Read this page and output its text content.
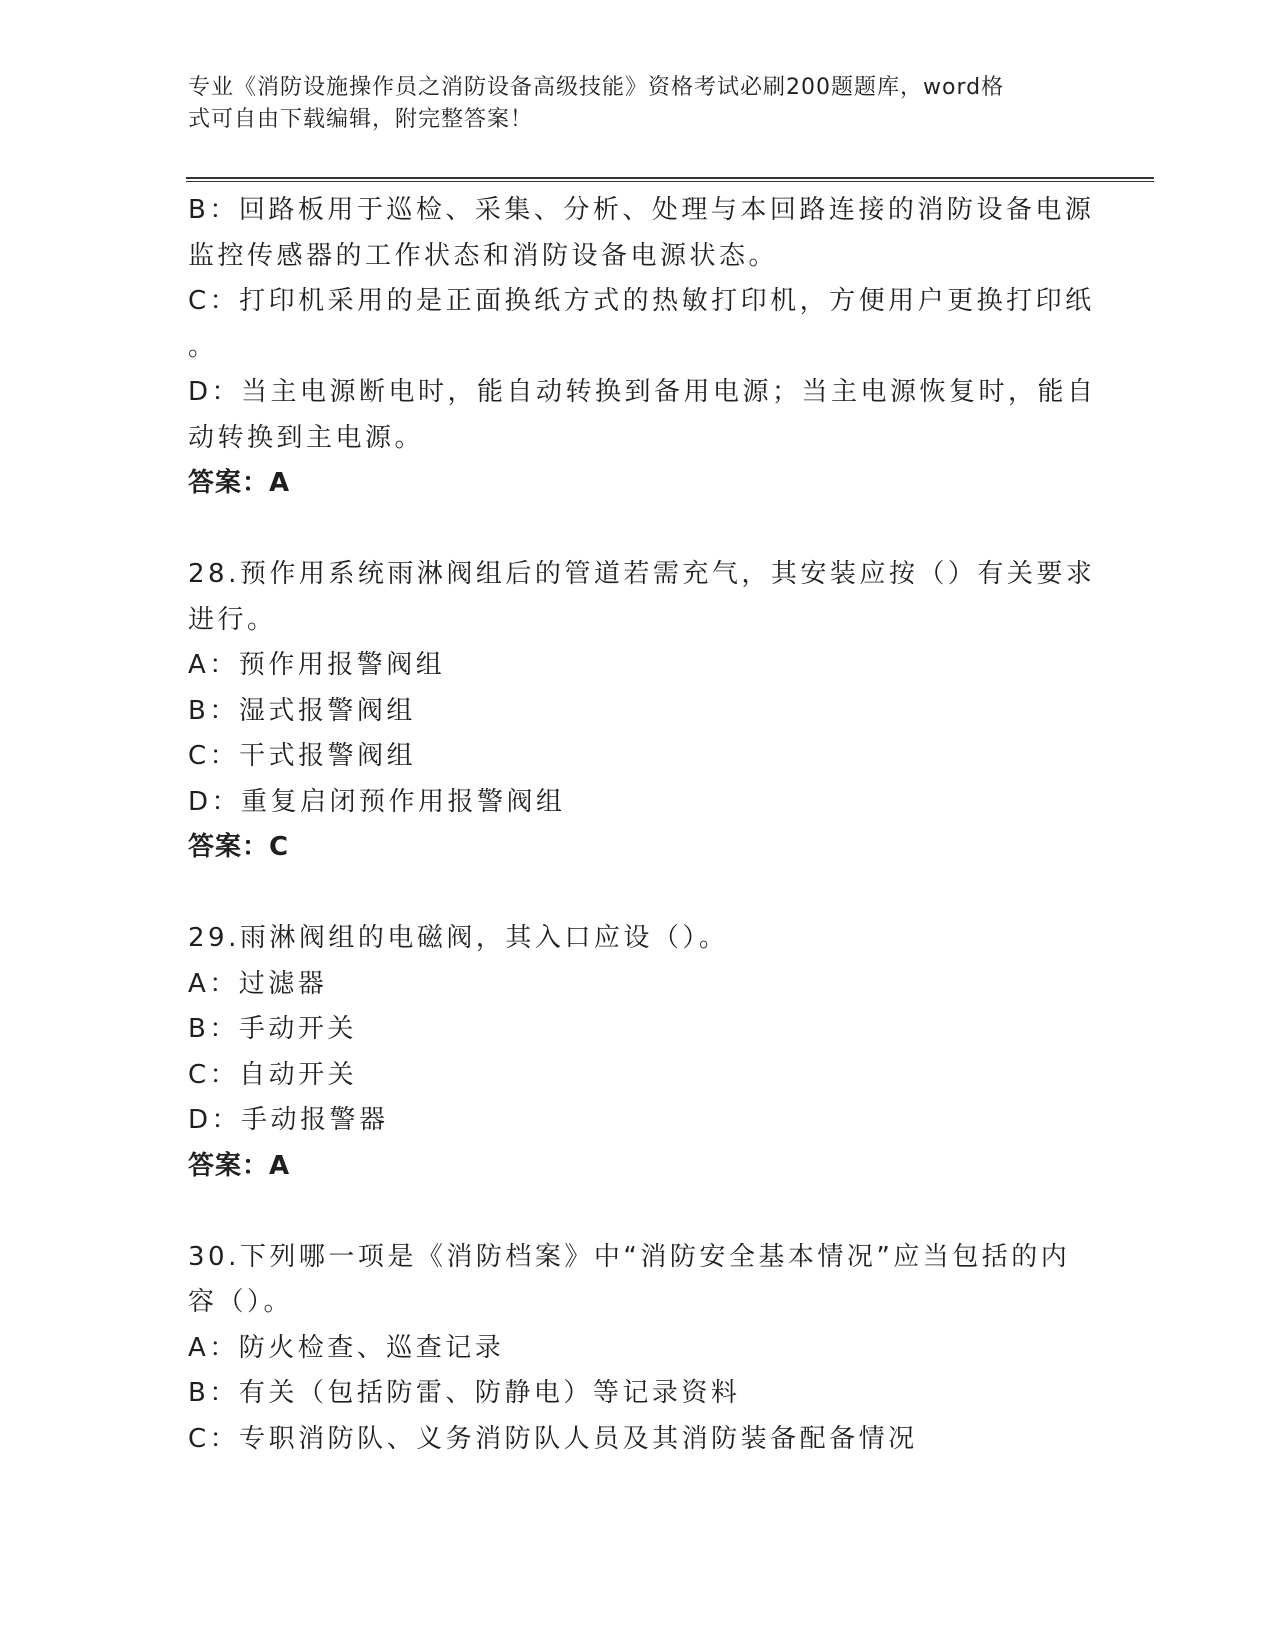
专业《消防设施操作员之消防设备高级技能》资格考试必刷200题题库，word格
式可自由下载编辑，附完整答案！
B：回路板用于巡检、采集、分析、处理与本回路连接的消防设备电源
监控传感器的工作状态和消防设备电源状态。
C：打印机采用的是正面换纸方式的热敏打印机，方便用户更换打印纸
。
D：当主电源断电时，能自动转换到备用电源；当主电源恢复时，能自
动转换到主电源。
答案：A
28.预作用系统雨淋阀组后的管道若需充气，其安装应按（）有关要求
进行。
A：预作用报警阀组
B：湿式报警阀组
C：干式报警阀组
D：重复启闭预作用报警阀组
答案：C
29.雨淋阀组的电磁阀，其入口应设（）。
A：过滤器
B：手动开关
C：自动开关
D：手动报警器
答案：A
30.下列哪一项是《消防档案》中“消防安全基本情况”应当包括的内
容（）。
A：防火检查、巡查记录
B：有关（包括防雷、防静电）等记录资料
C：专职消防队、义务消防队人员及其消防装备配备情况
